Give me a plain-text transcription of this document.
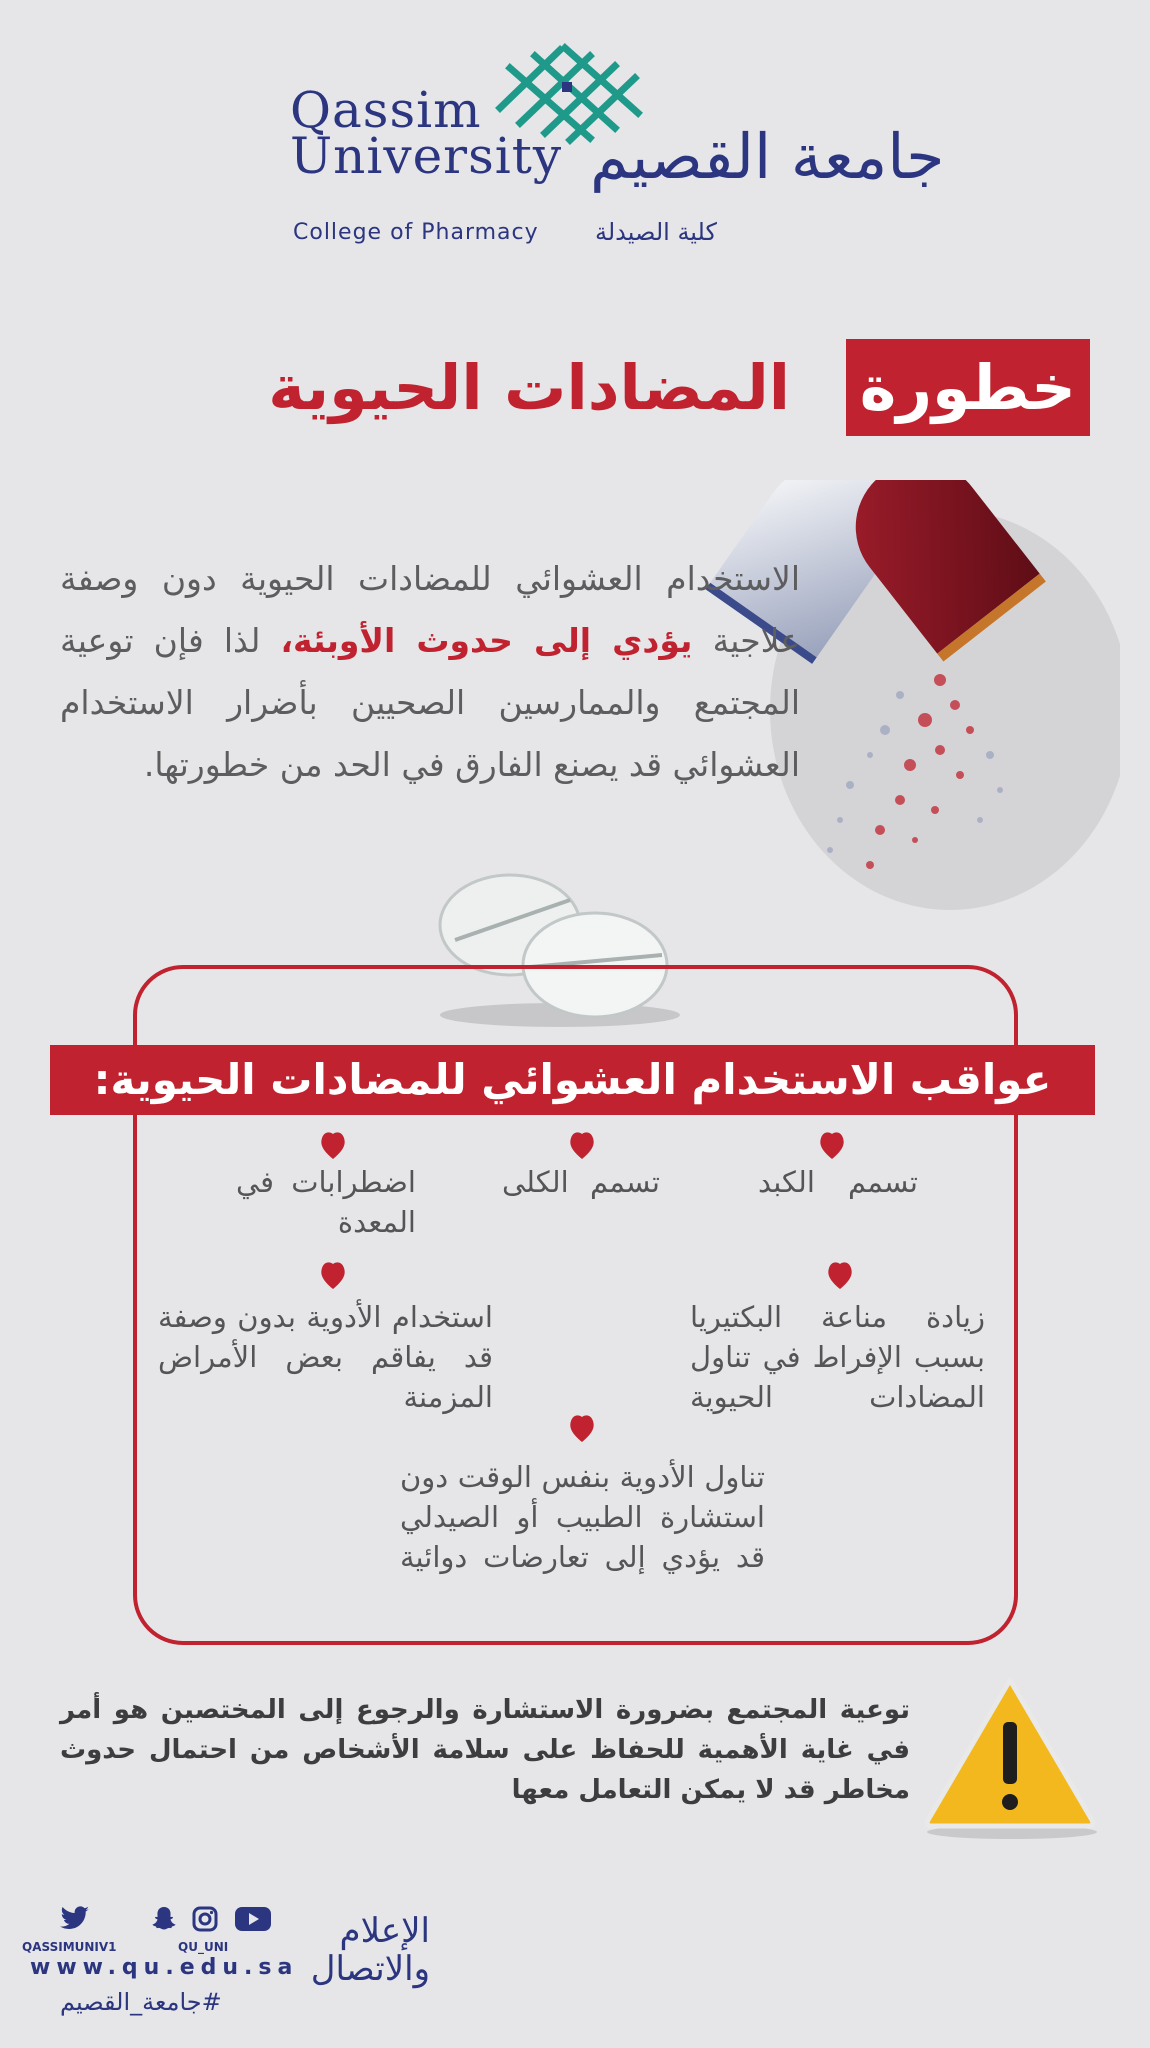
Qassim
University جامعة القصيم
College of Pharmacy كلية الصيدلة
خطورة
المضادات الحيوية
الاستخدام العشوائي للمضادات الحيوية دون وصفة علاجية يؤدي إلى حدوث الأوبئة، لذا فإن توعية المجتمع والممارسين الصحيين بأضرار الاستخدام العشوائي قد يصنع الفارق في الحد من خطورتها.
عواقب الاستخدام العشوائي للمضادات الحيوية:
تسمم الكبد
تسمم الكلى
اضطرابات في المعدة
زيادة مناعة البكتيريا بسبب الإفراط في تناول المضادات الحيوية
استخدام الأدوية بدون وصفة قد يفاقم بعض الأمراض المزمنة
تناول الأدوية بنفس الوقت دون استشارة الطبيب أو الصيدلي قد يؤدي إلى تعارضات دوائية
توعية المجتمع بضرورة الاستشارة والرجوع إلى المختصين هو أمر في غاية الأهمية للحفاظ على سلامة الأشخاص من احتمال حدوث مخاطر قد لا يمكن التعامل معها
QASSIMUNIV1	QU_UNI
www.qu.edu.sa
#جامعة_القصيم
الإعلام
والاتصال
